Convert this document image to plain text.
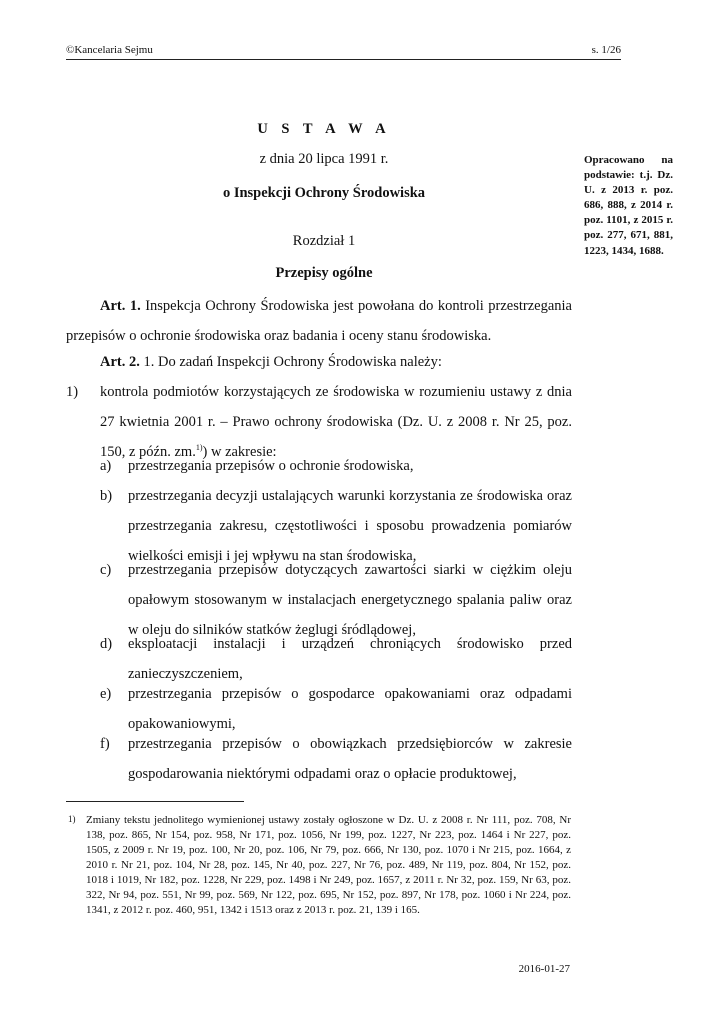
©Kancelaria Sejmu	s. 1/26
U S T A W A
z dnia 20 lipca 1991 r.
o Inspekcji Ochrony Środowiska
Rozdział 1
Przepisy ogólne
Opracowano na podstawie: t.j. Dz. U. z 2013 r. poz. 686, 888, z 2014 r. poz. 1101, z 2015 r. poz. 277, 671, 881, 1223, 1434, 1688.
Art. 1. Inspekcja Ochrony Środowiska jest powołana do kontroli przestrzegania przepisów o ochronie środowiska oraz badania i oceny stanu środowiska.
Art. 2. 1. Do zadań Inspekcji Ochrony Środowiska należy:
1) kontrola podmiotów korzystających ze środowiska w rozumieniu ustawy z dnia 27 kwietnia 2001 r. – Prawo ochrony środowiska (Dz. U. z 2008 r. Nr 25, poz. 150, z późn. zm.$^{1)}$) w zakresie:
a) przestrzegania przepisów o ochronie środowiska,
b) przestrzegania decyzji ustalających warunki korzystania ze środowiska oraz przestrzegania zakresu, częstotliwości i sposobu prowadzenia pomiarów wielkości emisji i jej wpływu na stan środowiska,
c) przestrzegania przepisów dotyczących zawartości siarki w ciężkim oleju opałowym stosowanym w instalacjach energetycznego spalania paliw oraz w oleju do silników statków żeglugi śródlądowej,
d) eksploatacji instalacji i urządzeń chroniących środowisko przed zanieczyszczeniem,
e) przestrzegania przepisów o gospodarce opakowaniami oraz odpadami opakowaniowymi,
f) przestrzegania przepisów o obowiązkach przedsiębiorców w zakresie gospodarowania niektórymi odpadami oraz o opłacie produktowej,
1) Zmiany tekstu jednolitego wymienionej ustawy zostały ogłoszone w Dz. U. z 2008 r. Nr 111, poz. 708, Nr 138, poz. 865, Nr 154, poz. 958, Nr 171, poz. 1056, Nr 199, poz. 1227, Nr 223, poz. 1464 i Nr 227, poz. 1505, z 2009 r. Nr 19, poz. 100, Nr 20, poz. 106, Nr 79, poz. 666, Nr 130, poz. 1070 i Nr 215, poz. 1664, z 2010 r. Nr 21, poz. 104, Nr 28, poz. 145, Nr 40, poz. 227, Nr 76, poz. 489, Nr 119, poz. 804, Nr 152, poz. 1018 i 1019, Nr 182, poz. 1228, Nr 229, poz. 1498 i Nr 249, poz. 1657, z 2011 r. Nr 32, poz. 159, Nr 63, poz. 322, Nr 94, poz. 551, Nr 99, poz. 569, Nr 122, poz. 695, Nr 152, poz. 897, Nr 178, poz. 1060 i Nr 224, poz. 1341, z 2012 r. poz. 460, 951, 1342 i 1513 oraz z 2013 r. poz. 21, 139 i 165.
2016-01-27
